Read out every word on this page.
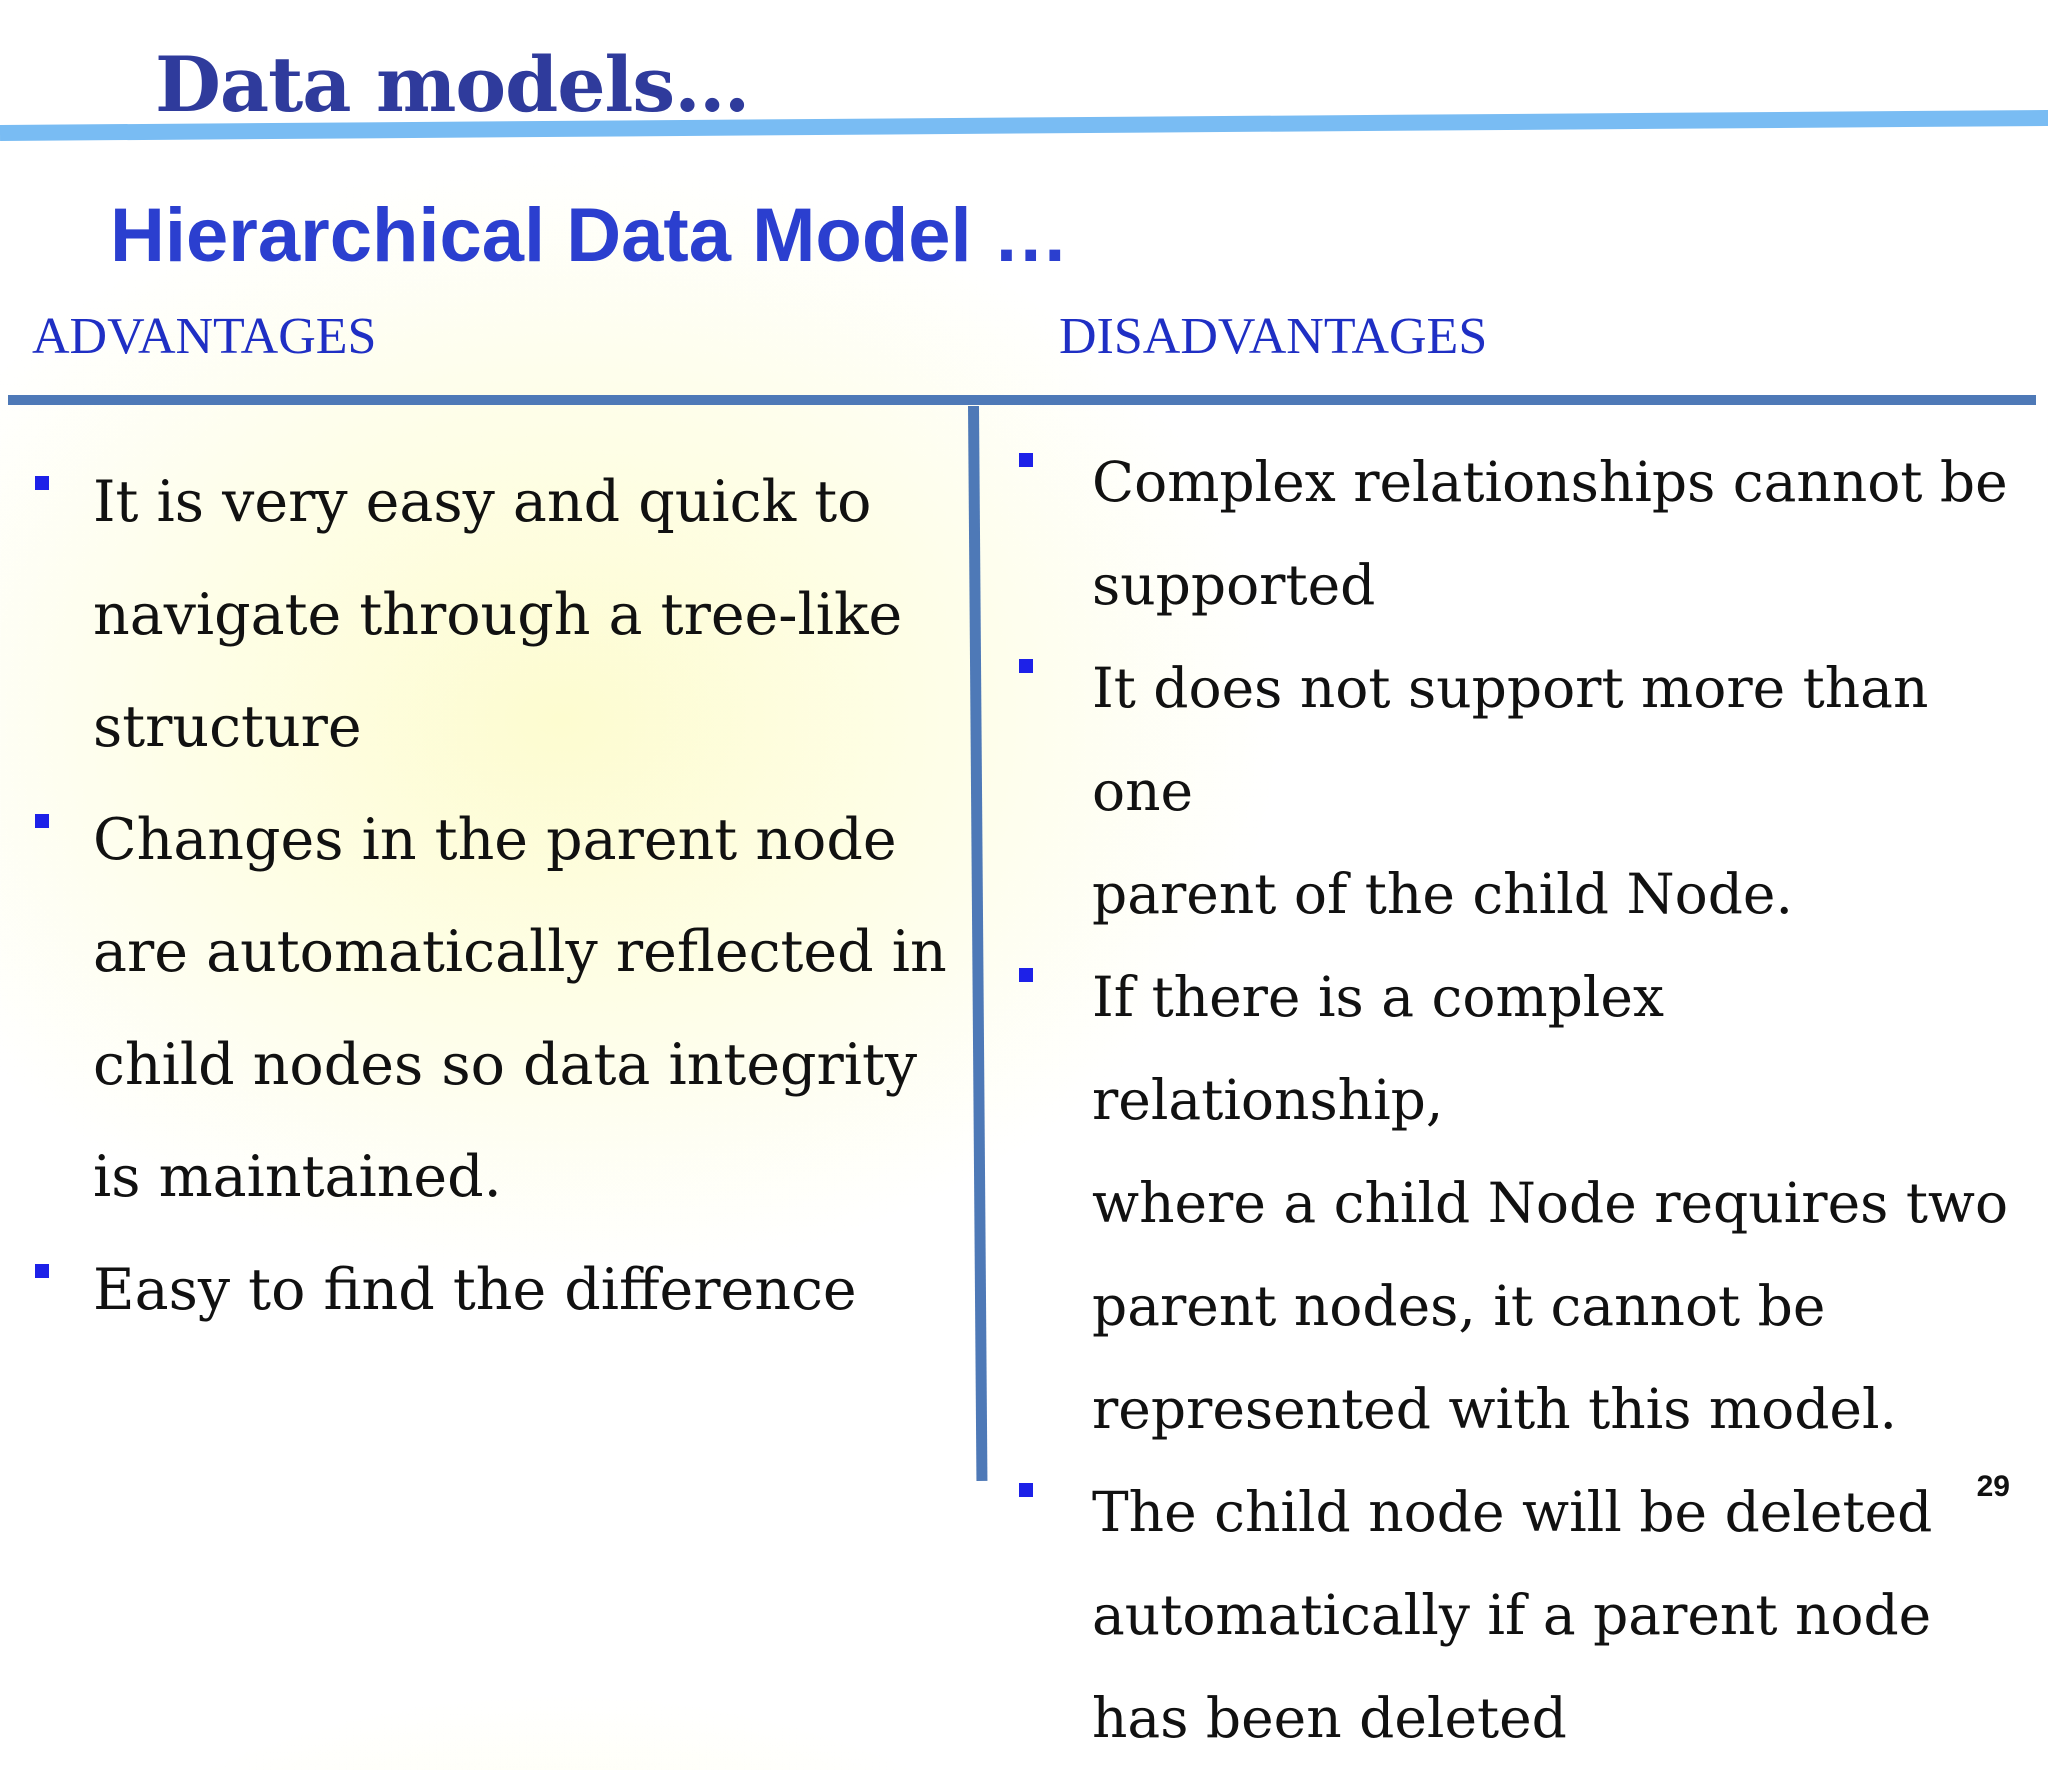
Data models…
Hierarchical Data Model …
ADVANTAGES	DISADVANTAGES
It is very easy and quick to
navigate through a tree-like
structure
Changes in the parent node
are automatically reflected in
child nodes so data integrity
is maintained.
Easy to find the difference
Complex relationships cannot be
supported
It does not support more than one
parent of the child Node.
If there is a complex relationship,
where a child Node requires two
parent nodes, it cannot be
represented with this model.
The child node will be deleted
automatically if a parent node
has been deleted
29
